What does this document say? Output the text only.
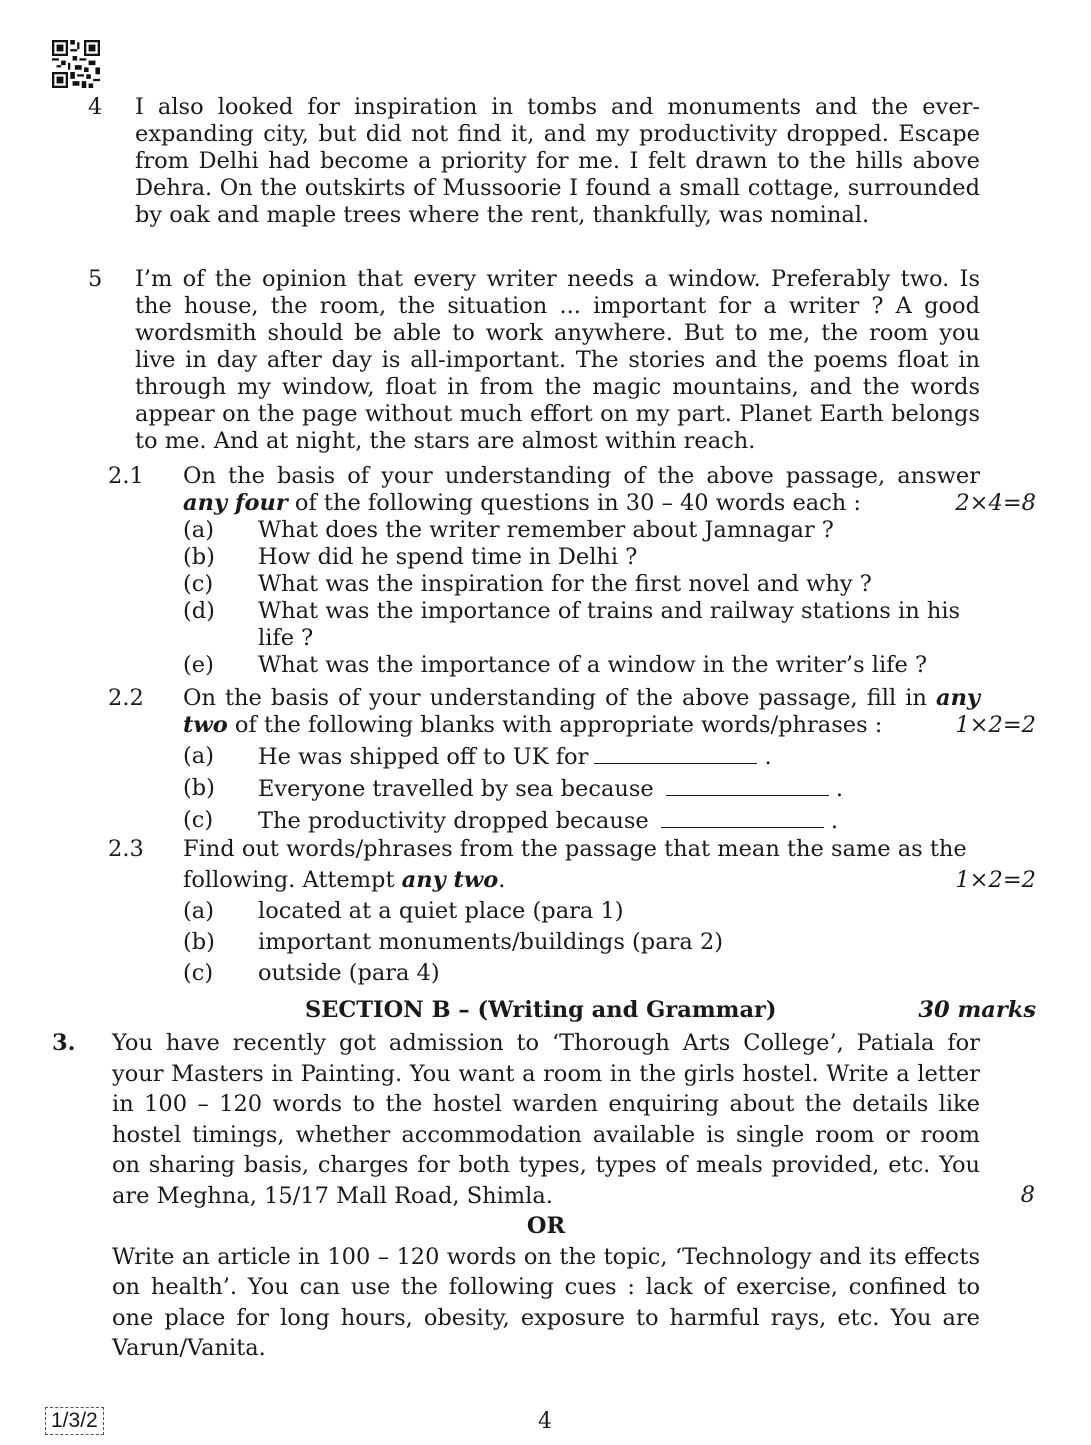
4 I also looked for inspiration in tombs and monuments and the ever-expanding city, but did not find it, and my productivity dropped. Escape from Delhi had become a priority for me. I felt drawn to the hills above Dehra. On the outskirts of Mussoorie I found a small cottage, surrounded by oak and maple trees where the rent, thankfully, was nominal.
5 I’m of the opinion that every writer needs a window. Preferably two. Is the house, the room, the situation ... important for a writer ? A good wordsmith should be able to work anywhere. But to me, the room you live in day after day is all-important. The stories and the poems float in through my window, float in from the magic mountains, and the words appear on the page without much effort on my part. Planet Earth belongs to me. And at night, the stars are almost within reach.
2.1 On the basis of your understanding of the above passage, answer any four of the following questions in 30 – 40 words each :	2×4=8
(a) What does the writer remember about Jamnagar ?
(b) How did he spend time in Delhi ?
(c) What was the inspiration for the first novel and why ?
(d) What was the importance of trains and railway stations in his life ?
(e) What was the importance of a window in the writer’s life ?
2.2 On the basis of your understanding of the above passage, fill in any two of the following blanks with appropriate words/phrases :	1×2=2
(a) He was shipped off to UK for	.
(b) Everyone travelled by sea because	.
(c) The productivity dropped because	.
2.3 Find out words/phrases from the passage that mean the same as the
following. Attempt any two.	1×2=2
(a) located at a quiet place (para 1)
(b) important monuments/buildings (para 2)
(c) outside (para 4)
SECTION B – (Writing and Grammar)	30 marks
3. You have recently got admission to ‘Thorough Arts College’, Patiala for your Masters in Painting. You want a room in the girls hostel. Write a letter in 100 – 120 words to the hostel warden enquiring about the details like hostel timings, whether accommodation available is single room or room on sharing basis, charges for both types, types of meals provided, etc. You are Meghna, 15/17 Mall Road, Shimla.	8
OR
Write an article in 100 – 120 words on the topic, ‘Technology and its effects on health’. You can use the following cues : lack of exercise, confined to one place for long hours, obesity, exposure to harmful rays, etc. You are Varun/Vanita.
1/3/2	4
